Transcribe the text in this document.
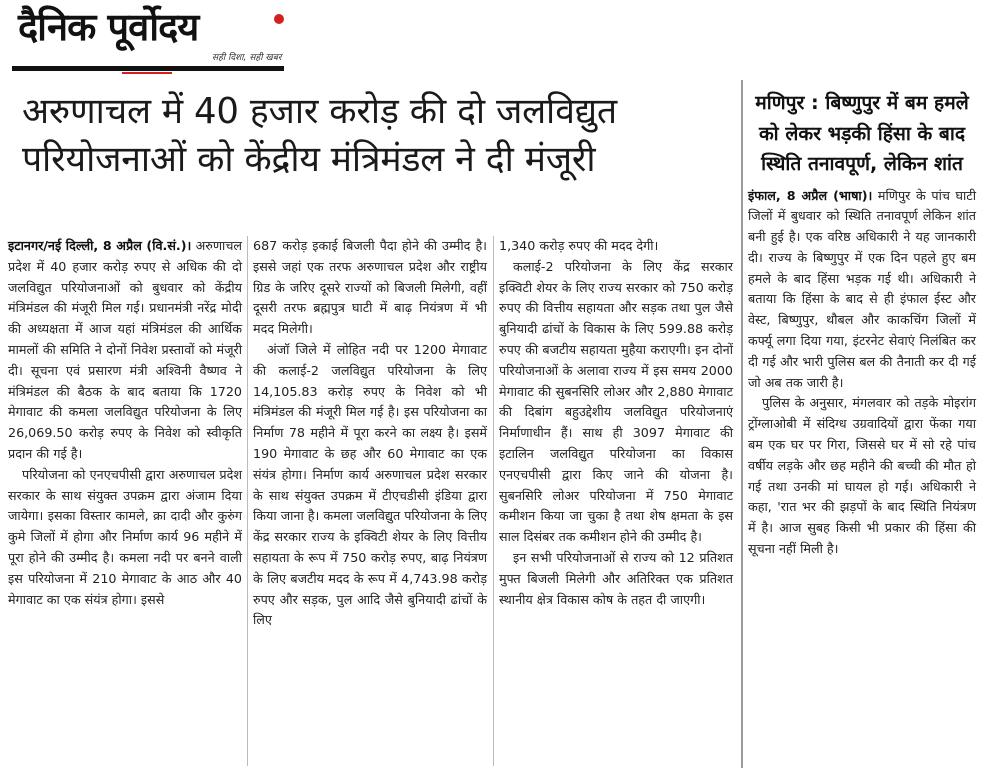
दैनिक पूर्वोदय
सही दिशा, सही खबर
अरुणाचल में 40 हजार करोड़ की दो जलविद्युत परियोजनाओं को केंद्रीय मंत्रिमंडल ने दी मंजूरी

इटानगर/नई दिल्ली, 8 अप्रैल (वि.सं.)। अरुणाचल प्रदेश में 40 हजार करोड़ रुपए से अधिक की दो जलविद्युत परियोजनाओं को बुधवार को केंद्रीय मंत्रिमंडल की मंजूरी मिल गई। प्रधानमंत्री नरेंद्र मोदी की अध्यक्षता में आज यहां मंत्रिमंडल की आर्थिक मामलों की समिति ने दोनों निवेश प्रस्तावों को मंजूरी दी। सूचना एवं प्रसारण मंत्री अश्विनी वैष्णव ने मंत्रिमंडल की बैठक के बाद बताया कि 1720 मेगावाट की कमला जलविद्युत परियोजना के लिए 26,069.50 करोड़ रुपए के निवेश को स्वीकृति प्रदान की गई है।

परियोजना को एनएचपीसी द्वारा अरुणाचल प्रदेश सरकार के साथ संयुक्त उपक्रम द्वारा अंजाम दिया जायेगा। इसका विस्तार कामले, क्रा दादी और कुरुंग कुमे जिलों में होगा और निर्माण कार्य 96 महीने में पूरा होने की उम्मीद है। कमला नदी पर बनने वाली इस परियोजना में 210 मेगावाट के आठ और 40 मेगावाट का एक संयंत्र होगा। इससे

687 करोड़ इकाई बिजली पैदा होने की उम्मीद है। इससे जहां एक तरफ अरुणाचल प्रदेश और राष्ट्रीय ग्रिड के जरिए दूसरे राज्यों को बिजली मिलेगी, वहीं दूसरी तरफ ब्रह्मपुत्र घाटी में बाढ़ नियंत्रण में भी मदद मिलेगी।

अंजॉ जिले में लोहित नदी पर 1200 मेगावाट की कलाई-2 जलविद्युत परियोजना के लिए 14,105.83 करोड़ रुपए के निवेश को भी मंत्रिमंडल की मंजूरी मिल गई है। इस परियोजना का निर्माण 78 महीने में पूरा करने का लक्ष्य है। इसमें 190 मेगावाट के छह और 60 मेगावाट का एक संयंत्र होगा। निर्माण कार्य अरुणाचल प्रदेश सरकार के साथ संयुक्त उपक्रम में टीएचडीसी इंडिया द्वारा किया जाना है। कमला जलविद्युत परियोजना के लिए केंद्र सरकार राज्य के इक्विटी शेयर के लिए वित्तीय सहायता के रूप में 750 करोड़ रुपए, बाढ़ नियंत्रण के लिए बजटीय मदद के रूप में 4,743.98 करोड़ रुपए और सड़क, पुल आदि जैसे बुनियादी ढांचों के लिए

1,340 करोड़ रुपए की मदद देगी।

कलाई-2 परियोजना के लिए केंद्र सरकार इक्विटी शेयर के लिए राज्य सरकार को 750 करोड़ रुपए की वित्तीय सहायता और सड़क तथा पुल जैसे बुनियादी ढांचों के विकास के लिए 599.88 करोड़ रुपए की बजटीय सहायता मुहैया कराएगी। इन दोनों परियोजनाओं के अलावा राज्य में इस समय 2000 मेगावाट की सुबनसिरि लोअर और 2,880 मेगावाट की दिबांग बहुउद्देशीय जलविद्युत परियोजनाएं निर्माणाधीन हैं। साथ ही 3097 मेगावाट की इटालिन जलविद्युत परियोजना का विकास एनएचपीसी द्वारा किए जाने की योजना है। सुबनसिरि लोअर परियोजना में 750 मेगावाट कमीशन किया जा चुका है तथा शेष क्षमता के इस साल दिसंबर तक कमीशन होने की उम्मीद है।

इन सभी परियोजनाओं से राज्य को 12 प्रतिशत मुफ्त बिजली मिलेगी और अतिरिक्त एक प्रतिशत स्थानीय क्षेत्र विकास कोष के तहत दी जाएगी।

मणिपुर : बिष्णुपुर में बम हमले को लेकर भड़की हिंसा के बाद स्थिति तनावपूर्ण, लेकिन शांत

इंफाल, 8 अप्रैल (भाषा)। मणिपुर के पांच घाटी जिलों में बुधवार को स्थिति तनावपूर्ण लेकिन शांत बनी हुई है। एक वरिष्ठ अधिकारी ने यह जानकारी दी। राज्य के बिष्णुपुर में एक दिन पहले हुए बम हमले के बाद हिंसा भड़क गई थी। अधिकारी ने बताया कि हिंसा के बाद से ही इंफाल ईस्ट और वेस्ट, बिष्णुपुर, थौबल और काकचिंग जिलों में कर्फ्यू लगा दिया गया, इंटरनेट सेवाएं निलंबित कर दी गई और भारी पुलिस बल की तैनाती कर दी गई जो अब तक जारी है।

पुलिस के अनुसार, मंगलवार को तड़के मोइरांग ट्रोंग्लाओबी में संदिग्ध उग्रवादियों द्वारा फेंका गया बम एक घर पर गिरा, जिससे घर में सो रहे पांच वर्षीय लड़के और छह महीने की बच्ची की मौत हो गई तथा उनकी मां घायल हो गई। अधिकारी ने कहा, 'रात भर की झड़पों के बाद स्थिति नियंत्रण में है। आज सुबह किसी भी प्रकार की हिंसा की सूचना नहीं मिली है।
